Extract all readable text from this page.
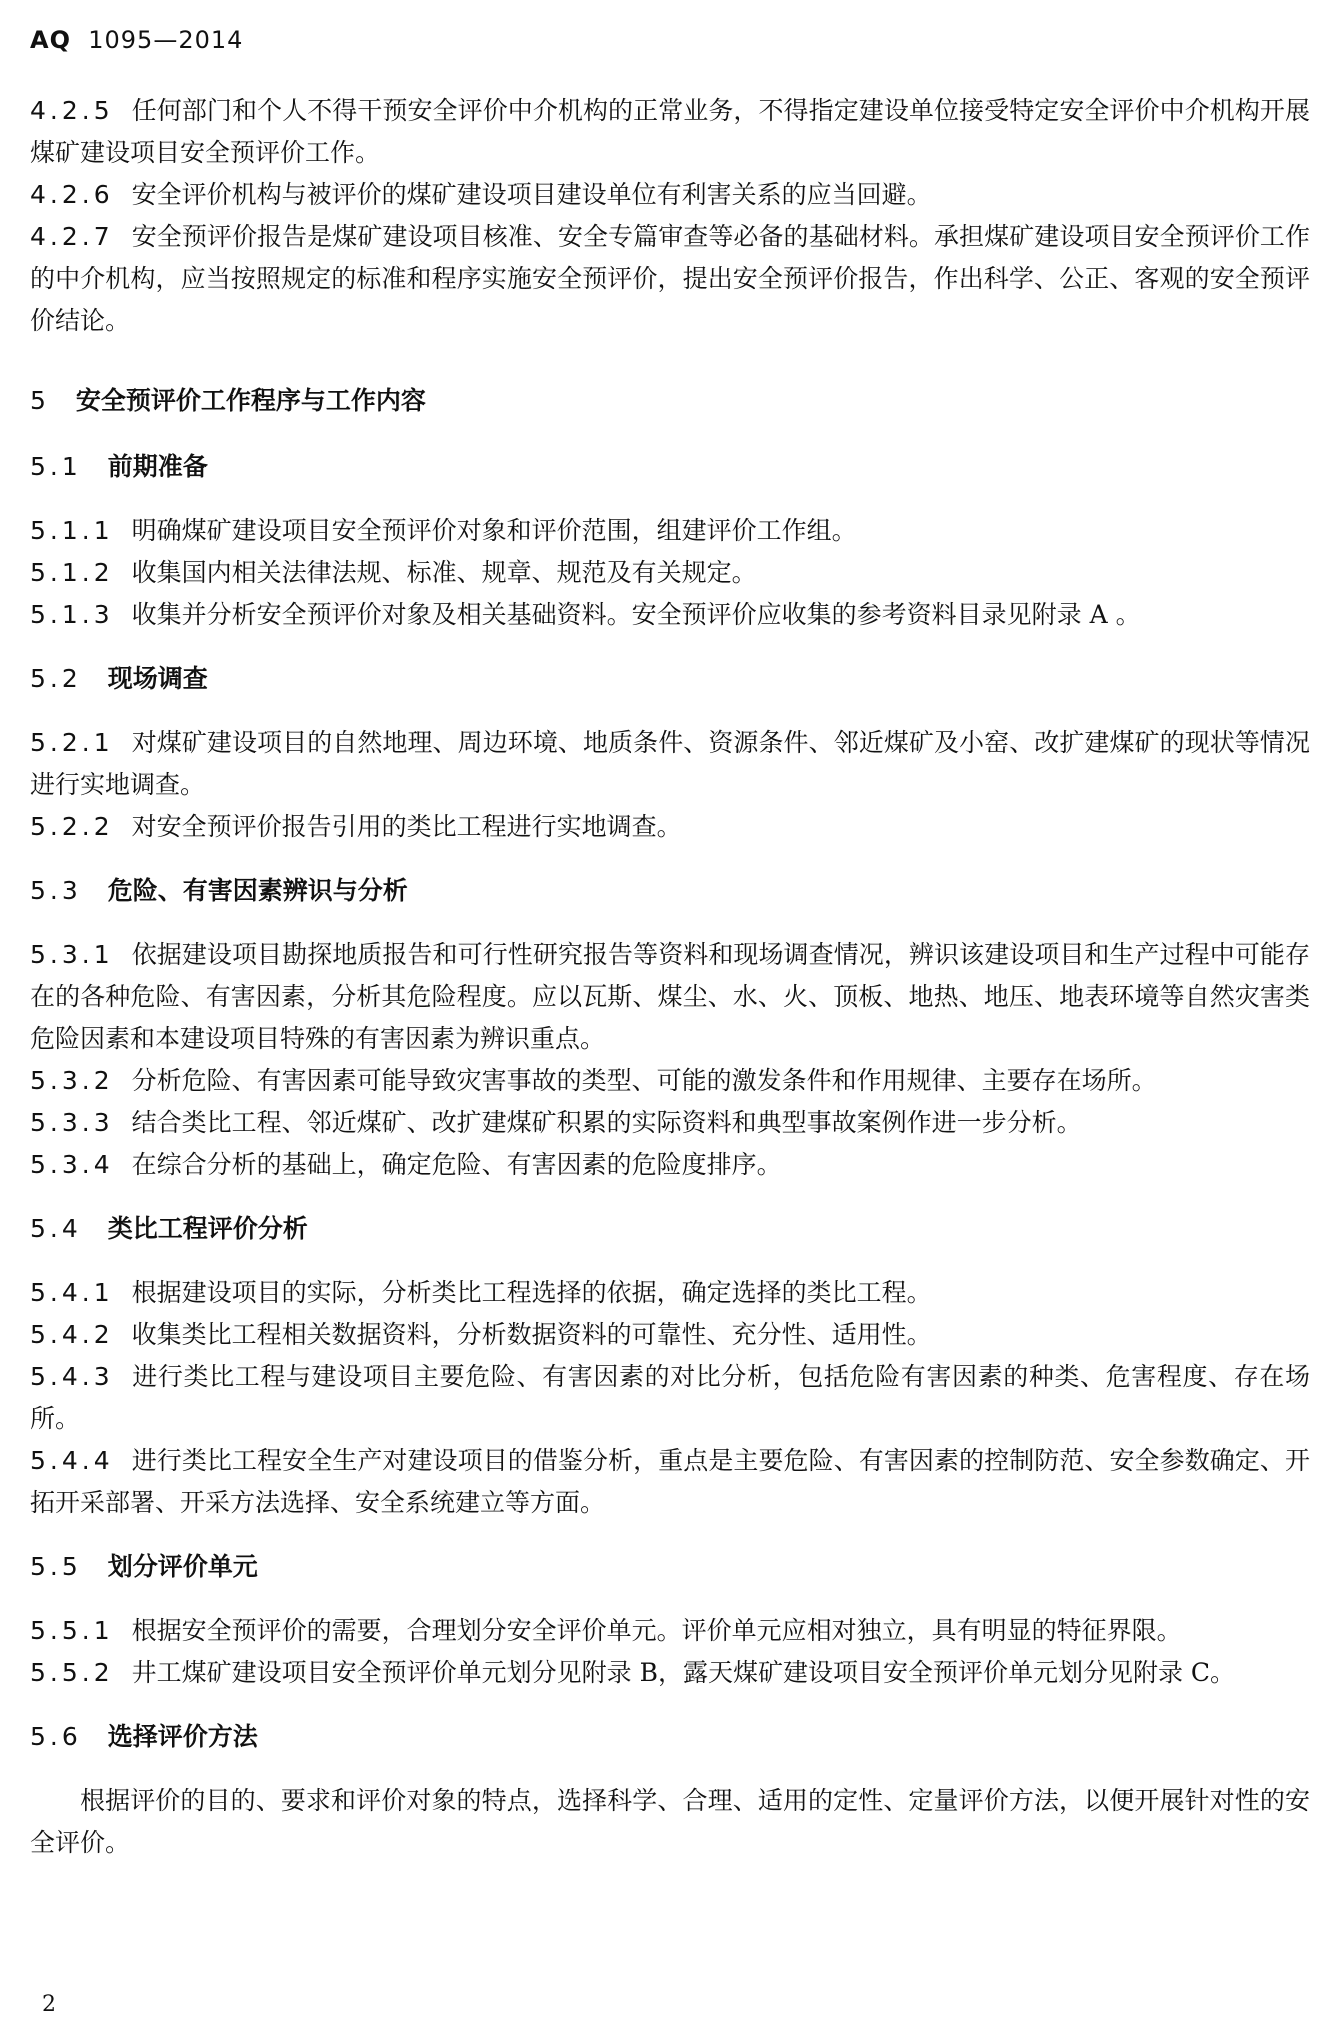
AQ 1095—2014

4.2.5 任何部门和个人不得干预安全评价中介机构的正常业务，不得指定建设单位接受特定安全评价中介机构开展煤矿建设项目安全预评价工作。

4.2.6 安全评价机构与被评价的煤矿建设项目建设单位有利害关系的应当回避。

4.2.7 安全预评价报告是煤矿建设项目核准、安全专篇审查等必备的基础材料。承担煤矿建设项目安全预评价工作的中介机构，应当按照规定的标准和程序实施安全预评价，提出安全预评价报告，作出科学、公正、客观的安全预评价结论。

5 安全预评价工作程序与工作内容

5.1 前期准备

5.1.1 明确煤矿建设项目安全预评价对象和评价范围，组建评价工作组。

5.1.2 收集国内相关法律法规、标准、规章、规范及有关规定。

5.1.3 收集并分析安全预评价对象及相关基础资料。安全预评价应收集的参考资料目录见附录 A 。

5.2 现场调查

5.2.1 对煤矿建设项目的自然地理、周边环境、地质条件、资源条件、邻近煤矿及小窑、改扩建煤矿的现状等情况进行实地调查。

5.2.2 对安全预评价报告引用的类比工程进行实地调查。

5.3 危险、有害因素辨识与分析

5.3.1 依据建设项目勘探地质报告和可行性研究报告等资料和现场调查情况，辨识该建设项目和生产过程中可能存在的各种危险、有害因素，分析其危险程度。应以瓦斯、煤尘、水、火、顶板、地热、地压、地表环境等自然灾害类危险因素和本建设项目特殊的有害因素为辨识重点。

5.3.2 分析危险、有害因素可能导致灾害事故的类型、可能的激发条件和作用规律、主要存在场所。

5.3.3 结合类比工程、邻近煤矿、改扩建煤矿积累的实际资料和典型事故案例作进一步分析。

5.3.4 在综合分析的基础上，确定危险、有害因素的危险度排序。

5.4 类比工程评价分析

5.4.1 根据建设项目的实际，分析类比工程选择的依据，确定选择的类比工程。

5.4.2 收集类比工程相关数据资料，分析数据资料的可靠性、充分性、适用性。

5.4.3 进行类比工程与建设项目主要危险、有害因素的对比分析，包括危险有害因素的种类、危害程度、存在场所。

5.4.4 进行类比工程安全生产对建设项目的借鉴分析，重点是主要危险、有害因素的控制防范、安全参数确定、开拓开采部署、开采方法选择、安全系统建立等方面。

5.5 划分评价单元

5.5.1 根据安全预评价的需要，合理划分安全评价单元。评价单元应相对独立，具有明显的特征界限。

5.5.2 井工煤矿建设项目安全预评价单元划分见附录 B，露天煤矿建设项目安全预评价单元划分见附录 C。

5.6 选择评价方法

根据评价的目的、要求和评价对象的特点，选择科学、合理、适用的定性、定量评价方法，以便开展针对性的安全评价。

2
